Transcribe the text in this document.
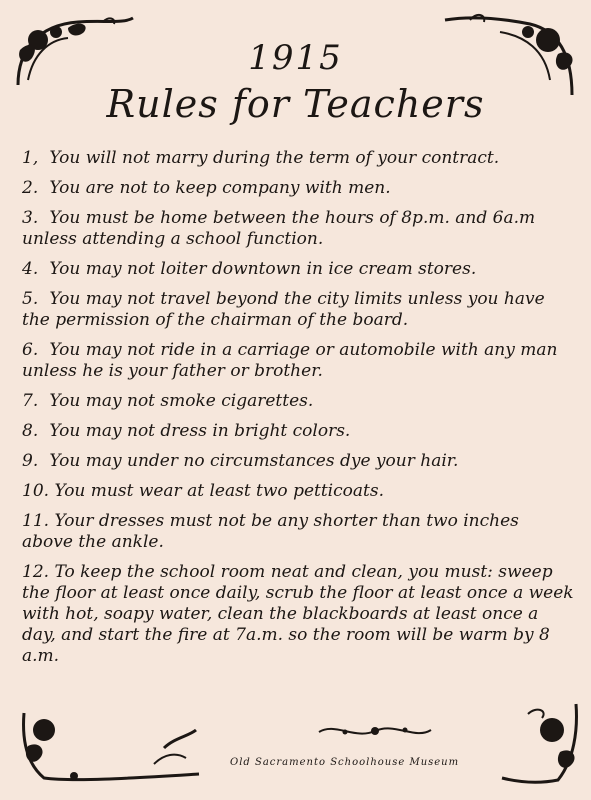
1915
Rules for Teachers
1, You will not marry during the term of your contract.
2. You are not to keep company with men.
3. You must be home between the hours of 8p.m. and 6a.m unless attending a school function.
4. You may not loiter downtown in ice cream stores.
5. You may not travel beyond the city limits unless you have the permission of the chairman of the board.
6. You may not ride in a carriage or automobile with any man unless he is your father or brother.
7. You may not smoke cigarettes.
8. You may not dress in bright colors.
9. You may under no circumstances dye your hair.
10. You must wear at least two petticoats.
11. Your dresses must not be any shorter than two inches above the ankle.
12. To keep the school room neat and clean, you must: sweep the floor at least once daily, scrub the floor at least once a week with hot, soapy water, clean the blackboards at least once a day, and start the fire at 7a.m. so the room will be warm by 8 a.m.
Old Sacramento Schoolhouse Museum
